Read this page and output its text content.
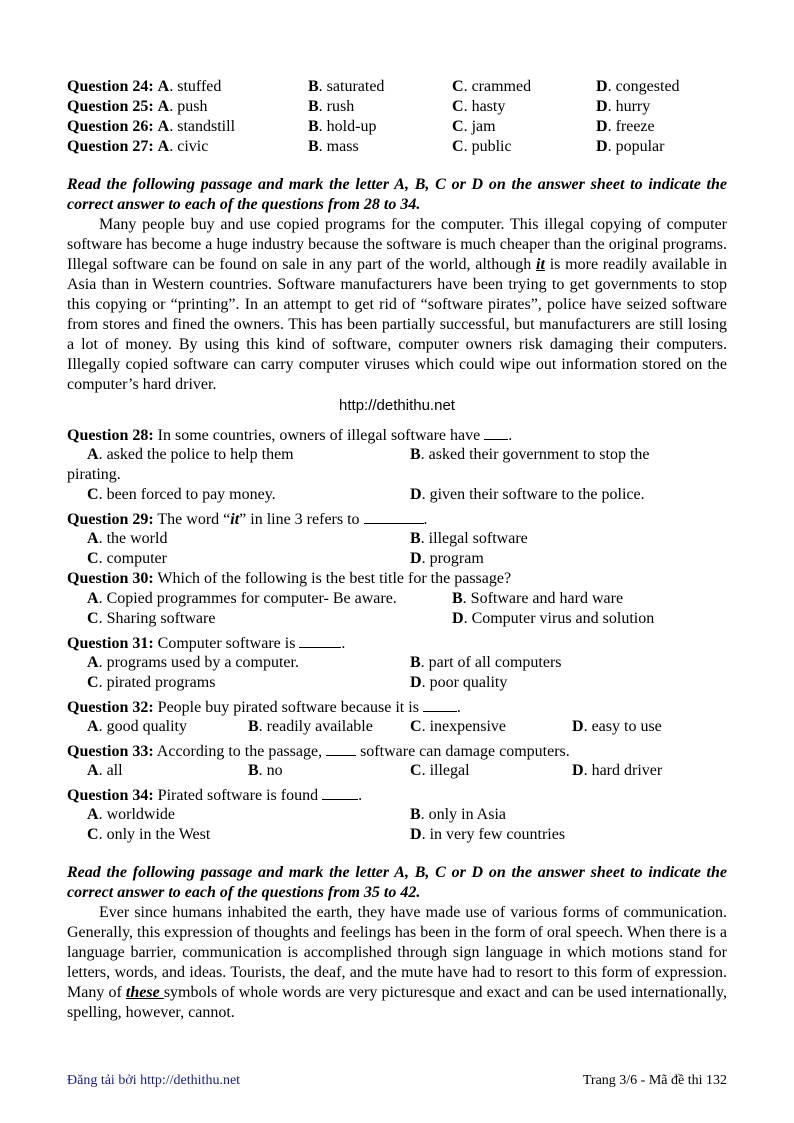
Question 24: A. stuffed	B. saturated	C. crammed	D. congested
Question 25: A. push	B. rush	C. hasty	D. hurry
Question 26: A. standstill	B. hold-up	C. jam	D. freeze
Question 27: A. civic	B. mass	C. public	D. popular
Read the following passage and mark the letter A, B, C or D on the answer sheet to indicate the correct answer to each of the questions from 28 to 34.
Many people buy and use copied programs for the computer. This illegal copying of computer software has become a huge industry because the software is much cheaper than the original programs. Illegal software can be found on sale in any part of the world, although it is more readily available in Asia than in Western countries. Software manufacturers have been trying to get governments to stop this copying or “printing”. In an attempt to get rid of “software pirates”, police have seized software from stores and fined the owners. This has been partially successful, but manufacturers are still losing a lot of money. By using this kind of software, computer owners risk damaging their computers. Illegally copied software can carry computer viruses which could wipe out information stored on the computer’s hard driver.
http://dethithu.net
Question 28: In some countries, owners of illegal software have .
A. asked the police to help them	B. asked their government to stop the
pirating.
C. been forced to pay money.	D. given their software to the police.
Question 29: The word “it” in line 3 refers to	.
A. the world	B. illegal software
C. computer	D. program
Question 30: Which of the following is the best title for the passage?
A. Copied programmes for computer- Be aware.	B. Software and hard ware
C. Sharing software	D. Computer virus and solution
Question 31: Computer software is	.
A. programs used by a computer.	B. part of all computers
C. pirated programs	D. poor quality
Question 32: People buy pirated software because it is .
A. good quality	B. readily available	C. inexpensive	D. easy to use
Question 33: According to the passage, software can damage computers.
A. all	B. no	C. illegal	D. hard driver
Question 34: Pirated software is found	.
A. worldwide	B. only in Asia
C. only in the West	D. in very few countries
Read the following passage and mark the letter A, B, C or D on the answer sheet to indicate the correct answer to each of the questions from 35 to 42.
Ever since humans inhabited the earth, they have made use of various forms of communication. Generally, this expression of thoughts and feelings has been in the form of oral speech. When there is a language barrier, communication is accomplished through sign language in which motions stand for letters, words, and ideas. Tourists, the deaf, and the mute have had to resort to this form of expression. Many of these symbols of whole words are very picturesque and exact and can be used internationally, spelling, however, cannot.
Đăng tải bởi http://dethithu.net	Trang 3/6 - Mã đề thi 132
